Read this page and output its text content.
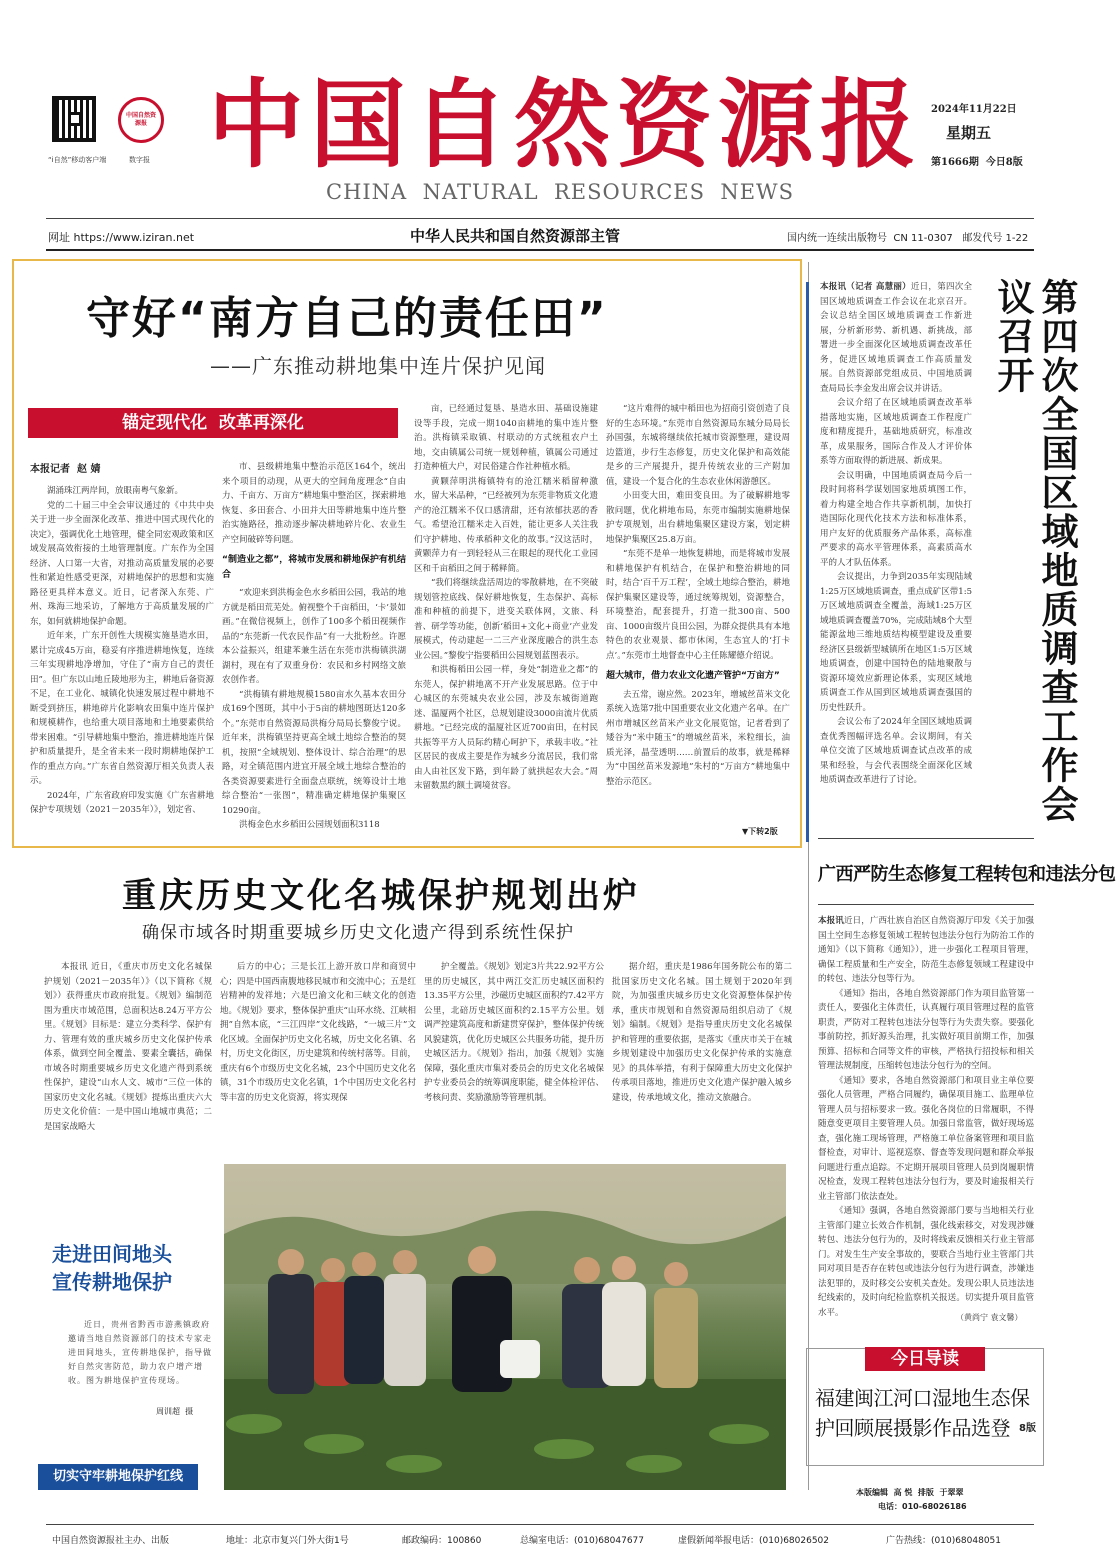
“i自然”移动客户端
中国自然资源报
数字报 中国自然资源报
CHINA  NATURAL  RESOURCES  NEWS
2024年11月22日
星期五
第1666期  今日8版
网址 https://www.iziran.net	中华人民共和国自然资源部主管	国内统一连续出版物号  CN 11-0307   邮发代号 1-22
守好“南方自己的责任田”
——广东推动耕地集中连片保护见闻
锚定现代化  改革再深化
本报记者  赵 婧

湖涌珠江两岸间，放眼南粤气象新。

党的二十届三中全会审议通过的《中共中央关于进一步全面深化改革、推进中国式现代化的决定》，强调优化土地管理，健全同宏观政策和区域发展高效衔接的土地管理制度。广东作为全国经济、人口第一大省，对推动高质量发展的必要性和紧迫性感受更深，对耕地保护的思想和实施路径更具样本意义。近日，记者深入东莞、广州、珠海三地采访，了解地方于高质量发展的广东，如何就耕地保护命题。

近年来，广东开创性大规模实施垦造水田，累计完成45万亩，稳妥有序推进耕地恢复，连续三年实现耕地净增加，守住了“南方自己的责任田”。但广东以山地丘陵地形为主，耕地后备资源不足，在工业化、城镇化快速发展过程中耕地不断受到挤压，耕地碎片化影响农田集中连片保护和规模耕作，也给重大项目落地和土地要素供给带来困难。“引导耕地集中整治，推进耕地连片保护和质量提升，是全省未来一段时期耕地保护工作的重点方向。”广东省自然资源厅相关负责人表示。

2024年，广东省政府印发实施《广东省耕地保护专项规划（2021－2035年）》，划定省、

市、县级耕地集中整治示范区164个，统出来个项目的动现，从更大的空间角度理念“自由力、千亩方、万亩方”耕地集中整治区，探索耕地恢复、多田套合、小田并大田等耕地集中连片整治实施路径，推动逐步解决耕地碎片化、农业生产空间破碎等问题。

“制造业之都”，将城市发展和耕地保护有机结合

“欢迎来到洪梅金色水乡稻田公园，我站的地方就是稻田荒芜处。俯视整个千亩稻田，‘卡’景如画。”在微信视频上，创作了100多个稻田视频作品的“东莞新一代农民作品”有一大批粉丝。许愿本公益振兴，组建苯兼生活在东莞市洪梅镇洪湖湖村，现在有了双重身份：农民和乡村网络文旅农创作者。

“洪梅镇有耕地规模1580亩水久基本农田分成169个图斑，其中小于5亩的耕地图斑达120多个。”东莞市自然资源局洪梅分局局长黎俊宁说。近年来，洪梅镇坚持更高全域土地综合整治的契机，按照“全域规划、整体设计、综合治理”的思路，对全镇范围内进宜开展全域土地综合整治的各类资源要素进行全面盘点联统，统筹设计土地综合整治“一张图”，精准确定耕地保护集聚区10290亩。

洪梅金色水乡稻田公园规划面积3118

亩，已经通过复垦、垦造水田、基础设施建设等手段，完成一期1040亩耕地的集中连片整治。洪梅镇采取镇、村联动的方式统租农户土地，交由镇属公司统一规划种植，镇属公司通过打造种植大户，对民俗建合作社种植水稻。

黄颗萍明洪梅镇特有的沧江糯米稻留种激水，留大米品种，“已经被列为东莞非物质文化遗产的沧江糯米不仅口感清甜，还有浓郁扶恶的香气。希望沧江糯米走入百姓，能让更多人关注我们守护耕地、传承稻种文化的故事。”汉这活时，黄颗萍力有一到轻轻从三在眼起的现代化工业园区和千亩稻田之间于稀释简。

“我们将继续盘活周边的零散耕地，在不突破规划管控底线、保好耕地恢复，生态保护、高标准和种植的前提下，进变关联体网，文旅、科普、研学等功能，创新‘稻田+文化+商业’产业发展模式，传动建起一二三产业深度融合的洪生态业公园。”黎俊宁指要稻田公园规划蓝图表示。

和洪梅稻田公园一样，身处“制造业之都”的东莞人，保护耕地离不开产业发展思路。位于中心城区的东莞城央农业公园，涉及东城街道跑迷、温厦两个社区，总规划建设3000亩流片优质耕地。“已经完成的温厦社区近700亩田，在村民共振等平方人员际约精心呵护下，承载丰收。”社区居民的夜成主要是作为城乡分流居民，我们常由人由社区发下路，到年龄了就拱起农大会。”周末留数黑约额土调境贫容。

“这片难得的城中稻田也为招商引资创造了良好的生态环境。”东莞市自然资源局东城分局局长孙国强，东城将继续依托城市资源整理，建设周边篮道，步行生态修复，历史文化保护和高效能是乡的三产展提升，提升传统农业的三产附加值，建设一个复合化的生态农业休闲游憩区。

小田变大田，难田变良田。为了破解耕地零散问题，优化耕地布局，东莞市编制实施耕地保护专项规划，出台耕地集聚区建设方案，划定耕地保护集聚区25.8万亩。

“东莞不是单一地恢复耕地，而是将城市发展和耕地保护有机结合，在保护和整治耕地的同时，结合‘百千万工程’，全域土地综合整治，耕地保护集聚区建设等，通过统筹规划，资源整合，环境整治，配套提升，打造一批300亩、500亩、1000亩级片良田公园，为群众提供具有本地特色的农业观景、都市休闲，生态宜人的‘打卡点’。”东莞市土地督查中心主任陈耀德介绍说。

超大城市，借力农业文化遗产管护“万亩方”

去五常，谢应然。2023年，增城丝苗米文化系统入选第7批中国重要农业文化遗产名单。在广州市增城区丝苗米产业文化展览馆，记者看到了矮谷为“米中随玉”的增城丝苗米，米粒细长，油质光泽，晶莹透明……前置后的故事，就是稀释为“中国丝苗米发源地”朱村的“万亩方”耕地集中整治示范区。

▼下转2版

本报讯（记者 高慧丽）近日，第四次全国区域地质调查工作会议在北京召开。会议总结全国区域地质调查工作新进展，分析新形势、新机遇、新挑战，部署进一步全面深化区域地质调查改革任务，促进区域地质调查工作高质量发展。自然资源部党组成员、中国地质调查局局长李金发出席会议并讲话。

会议介绍了在区域地质调查改革举措落地实施，区域地质调查工作程度广度和精度提升，基础地质研究，标准改革，成果服务，国际合作及人才评价体系等方面取得的新进展、新成果。

会议明确，中国地质调查局今后一段时间将科学谋划国家地质填图工作，着力构建全地合作共享新机制，加快打造国际化现代化技术方法和标准体系，用户友好的优质服务产品体系，高标准严要求的高水平管理体系，高素质高水平的人才队伍体系。

会议提出，力争到2035年实现陆域1:25万区域地质调查，重点成矿区带1:5万区域地质调查全覆盖，海域1:25万区域地质调查覆盖70%，完成陆域8个大型能源盆地三维地质结构模型建设及重要经济区县级新型城镇所在地区1:5万区域地质调查，创建中国特色的陆地聚散与资源环境效应新理论体系，实现区域地质调查工作从国到区域地质调查强国的历史性跃升。

会议公布了2024年全国区域地质调查优秀图幅评选名单。会议期间，有关单位交流了区域地质调查试点改革的成果和经验，与会代表围绕全面深化区域地质调查改革进行了讨论。	第四次全国区域地质调查工作会议召开
广西严防生态修复工程转包和违法分包

本报讯近日，广西壮族自治区自然资源厅印发《关于加强国土空间生态修复领域工程转包违法分包行为防治工作的通知》（以下简称《通知》），进一步强化工程项目管理，确保工程质量和生产安全，防范生态修复领域工程建设中的转包、违法分包等行为。

《通知》指出，各地自然资源部门作为项目监管第一责任人，要强化主体责任，认真履行项目管理过程的监管职责，严防对工程转包违法分包等行为失责失察。要强化事前防控，抓好源头治理，扎实做好项目前期工作，加强预算、招标和合同等文件的审核，严格执行招投标和相关管理法规制度，压缩转包违法分包行为的空间。

《通知》要求，各地自然资源部门和项目业主单位要强化人员管理，严格合同履约，确保项目施工、监理单位管理人员与招标要求一致。强化各岗位的日常履职，不得随意变更项目主要管理人员。加强日常监管，做好现场巡查，强化施工现场管理，严格施工单位备案管理和项目监督检查，对审计、巡视巡察、督查等发现问题和群众举报问题进行重点追踪。不定期开展项目管理人员到岗履职情况检查，发现工程转包违法分包行为，要及时逾报相关行业主管部门依法查处。

《通知》强调，各地自然资源部门要与当地相关行业主管部门建立长效合作机制，强化线索移交，对发现涉嫌转包、违法分包行为的，及时将线索反馈相关行业主管部门。对发生生产安全事故的，要联合当地行业主管部门共同对项目是否存在转包或违法分包行为进行调查，涉嫌违法犯罪的，及时移交公安机关查处。发现公职人员违法违纪线索的，及时向纪检监察机关报送。切实提升项目监管水平。	（黄尚宁 袁文馨）
今日导读
福建闽江河口湿地生态保护回顾展摄影作品选登 8版
本版编辑  高 悦  排版  于翠翠
电话：010-68026186
重庆历史文化名城保护规划出炉
确保市域各时期重要城乡历史文化遗产得到系统性保护

本报讯 近日，《重庆市历史文化名城保护规划（2021－2035年）》（以下简称《规划》）获得重庆市政府批复。《规划》编制范围为重庆市域范围，总面积达8.24万平方公里。《规划》目标是：建立分类科学、保护有力、管理有效的重庆城乡历史文化保护传承体系，做到空间全覆盖、要素全囊括，确保市域各时期重要城乡历史文化遗产得到系统性保护，建设“山水人文、城市”三位一体的国家历史文化名城。《规划》提炼出重庆六大历史文化价值：一是中国山地城市典范；二是国家战略大

后方的中心；三是长江上游开放口岸和商贸中心；四是中国西南腹地移民城市和交流中心；五是红岩精神的发祥地；六是巴渝文化和三峡文化的创造地。《规划》要求，整体保护重庆“山环水绕、江峡相拥”自然本底，“三江四岸”文化线路，“一城三片”文化区域。全面保护历史文化名城，历史文化名镇、名村，历史文化街区，历史建筑和传统村落等。目前，重庆有6个市级历史文化名城，23个中国历史文化名镇，31个市级历史文化名镇，1个中国历史文化名村等丰富的历史文化资源，将实现保

护全覆盖。《规划》划定3片共22.92平方公里的历史城区，其中两江交汇历史城区面积约13.35平方公里，沙磁历史城区面积约7.42平方公里，北碚历史城区面积约2.15平方公里。划调严控建筑高度和新建贯穿保护，整体保护传统风貌建筑，优化历史城区公共服务功能，提升历史城区活力。《规划》指出，加强《规划》实施保障，强化重庆市集对委员会的历史文化名城保护专业委员会的统筹调度职能，健全体检评估、考核问责、奖励激励等管理机制。

据介绍，重庆是1986年国务院公布的第二批国家历史文化名城。国土规划于2020年到院，为加强重庆城乡历史文化资源整体保护传承，重庆市规划和自然资源局组织启动了《规划》编制。《规划》是指导重庆历史文化名城保护和管理的重要依据，是落实《重庆市关于在城乡规划建设中加强历史文化保护传承的实施意见》的具体举措，有利于保障重大历史文化保护传承项目落地，推进历史文化遗产保护融入城乡建设，传承地域文化，推动文旅融合。

走进田间地头
宣传耕地保护
近日，贵州省黔西市游燕镇政府邀请当地自然资源部门的技术专家走进田间地头，宣传耕地保护，指导做好自然灾害防范，助力农户增产增收。图为耕地保护宣传现场。
周训超  摄
切实守牢耕地保护红线
中国自然资源报社主办、出版	地址：北京市复兴门外大街1号	邮政编码：100860	总编室电话：(010)68047677	虚假新闻举报电话：(010)68026502	广告热线：(010)68048051
